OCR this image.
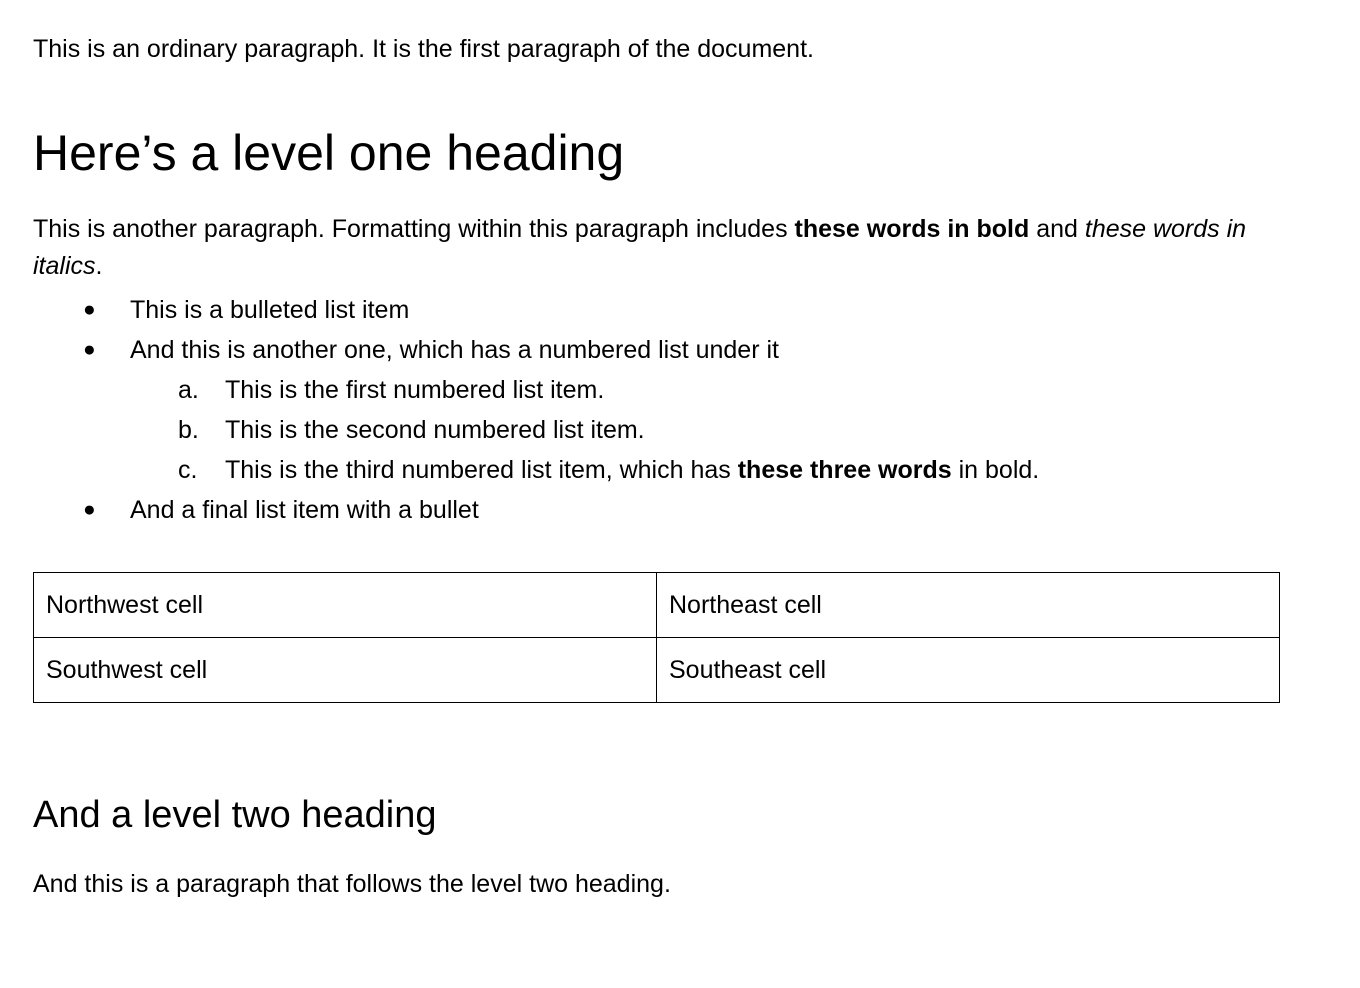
This is an ordinary paragraph. It is the first paragraph of the document.

Here’s a level one heading

This is another paragraph. Formatting within this paragraph includes these words in bold and these words in italics.

●	This is a bulleted list item
●	And this is another one, which has a numbered list under it
a.	This is the first numbered list item.
b.	This is the second numbered list item.
c.	This is the third numbered list item, which has these three words in bold.
●	And a final list item with a bullet
Northwest cell	Northeast cell
Southwest cell	Southeast cell
And a level two heading

And this is a paragraph that follows the level two heading.
